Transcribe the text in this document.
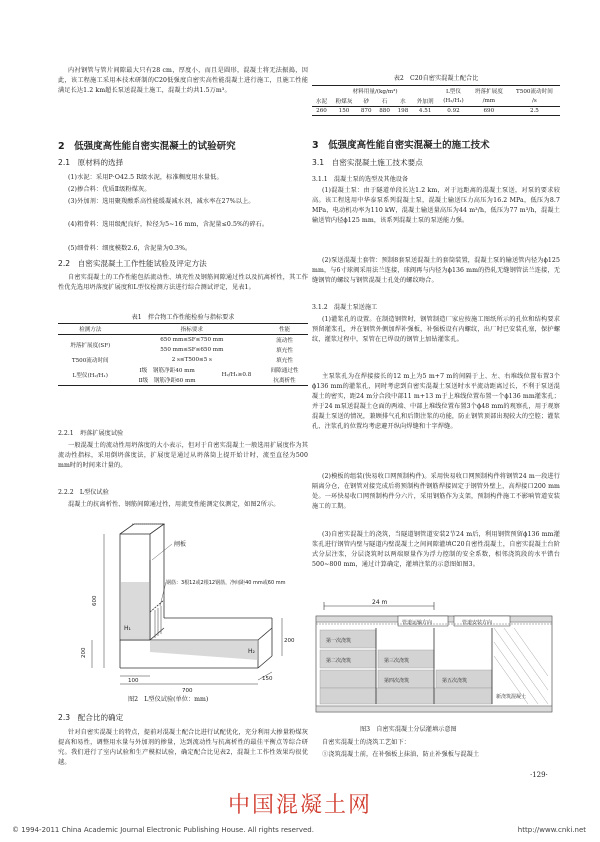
内衬钢管与管片间隙最大只有28 cm，厚度小，而且是圆形，混凝土将无法振捣，因此，该工程施工采用本技术研制的C20低强度自密实高性能混凝土进行施工，且施工性能满足长达1.2 km超长泵送混凝土施工，混凝土约共1.5万m³。
2　低强度高性能自密实混凝土的试验研究
2.1　原材料的选择
(1)水泥：采用P·O42.5 R级水泥，标准稠度用水量低。
(2)掺合料：优质Ⅱ级粉煤灰。
(3)外加剂：选用聚羧酸系高性能缓凝减水剂，减水率在27%以上。
(4)粗骨料：选用级配良好，粒径为5~16 mm，含泥量≤0.5%的碎石。
(5)细骨料：细度模数2.6，含泥量为0.3%。
2.2　自密实混凝土工作性能试验及评定方法
自密实混凝土的工作性能包括流动性、填充性及钢筋间隙通过性以及抗离析性，其工作性优先选用坍落度扩展度和L型仪检测方法进行综合测试评定，见表1。
表1　拌合物工作性能检验与指标要求
检测方法	指标要求		性能
坍落扩展度(SF)	650 mm≤SF≤750 mm		流动性
	550 mm≤SF≤650 mm		填充性
T500流动时间	2 s≤T500≤5 s		填充性
L型仪(H₂/H₁)	Ⅰ级　 钢筋净距40 mm	H₂/H₁≥0.8	间隙通过性
	Ⅱ级　 钢筋净距60 mm		抗离析性
2.2.1　坍落扩展度试验
一般混凝土的流动性用坍落度的大小表示，但对于自密实混凝土一般选用扩展度作为其流动性指标，采用倒坍落度法，扩展度是通过从坍落筒上提开始计时，流至直径为500 mm时的时间来计量的。
2.2.2　L型仪试验
混凝土的抗离析性、钢筋间隙通过性，用流变性能测定仪测定，如图2所示。
闸板
钢筋：3根12或2根12钢筋，净间距40 mm或60 mm
H₁
H₂
600
200
100
200
700
150
图2　L型仪试验(单位：mm)
2.3　配合比的确定
针对自密实混凝土的特点，提前对混凝土配合比进行试配优化，充分利用大掺量粉煤灰提高和易性，调整用水量与外加剂的掺量，达到流动性与抗离析性的最佳平衡点等综合研究。我们进行了室内试验和生产模拟试验，确定配合比见表2，混凝土工作性效果均很优越。
表2　C20自密实混凝土配合比
材料用量/(kg/m³)						L型仪	坍落扩展度	T500流动时间
水泥	粉煤灰	砂	石	水	外加剂	(H₂/H₁)	/mm	/s
260	150	870	880	198	4.51	0.92	690	2.5
3　低强度高性能自密实混凝土的施工技术
3.1　自密实混凝土施工技术要点
3.1.1　混凝土泵的选型及其他设备
(1)混凝土泵：由于隧道单段长达1.2 km，对于远距离的混凝土泵送，对泵的要求较高。该工程选用中华泰泵系列混凝土泵，混凝土输送压力高压为16.2 MPa，低压为8.7 MPa，电动机功率为110 kW，混凝土输送量高压为44 m³/h，低压为77 m³/h，混凝土输送管内径ϕ125 mm，该系列混凝土泵的泵送能力强。
(2)泵送混凝土套管：预制8套泵送混凝土的套筒装置，混凝土泵的输送管内径为ϕ125 mm，与6寸球阀采用法兰连接，球阀再与内径为ϕ136 mm的热轧无缝钢管法兰连接，无缝钢管的螺纹与钢管混凝土孔处的螺纹吻合。
3.1.2　混凝土泵送施工
(1)灌浆孔的设置。在制造钢管时，钢管制造厂家应按施工图纸所示的孔位和结构要求预留灌浆孔，并在钢管外侧加焊补强板，补强板设有内螺纹，出厂时已安装孔塞，保护螺纹，灌浆过程中，泵管在已焊设的钢管上加钻灌浆孔。
主泵浆孔为在焊接接长的12 m上为5 m+7 m的间隔于上、左、右堆线位置布置3个ϕ136 mm的灌浆孔，同时考虑到自密实混凝土泵送时水平流动距离过长，不利于泵送混凝土的密实，距24 m分合段中部11 m+13 m于上堆线位置布置一个ϕ136 mm灌浆孔；并于24 m泵送混凝土仓面的两端、中部上堆线位置布置3个ϕ48 mm的观察孔，用于观察混凝土泵送的情况，兼顾排气孔和后期注浆的功能，防止钢管顶部出现较大的空腔；灌浆孔、注浆孔的位置均考虑避开纵向焊缝和十字焊缝。
(2)模板的组装(快易收口网预制构件)。采用快易收口网预制构件将钢管24 m一段进行隔离分仓，在钢管对接完成后将预制构件钢筋焊接固定于钢管外壁上，高焊接口200 mm处。一环快易收口网预制构件分六片，采用钢筋作为支架，预制构件施工不影响管道安装施工的工期。
(3)自密实混凝土的浇筑，当隧道钢管道安装2节24 m后，利用钢管预留ϕ136 mm灌浆孔进行钢管内壁与隧道内壁混凝土之间间隙灌填C20自密性混凝土，自密实混凝土台阶式分层注浆，分层浇筑时以两端原量作为浮力控制的安全系数，相邻浇筑段的水平错台500~800 mm，通过计算确定，灌填注浆的示意图如图3。
24 m
管道运输方向	管道安装方向
第一次浇筑
第二次浇筑	第三次浇筑
第四次浇筑	第五次浇筑
新浇筑混凝土
图3　自密实混凝土分层灌填示意图
自密实混凝土的浇筑工艺如下：
①浇筑混凝土前，在补强板上抹油，防止补强板与混凝土
·129·
中国混凝土网
© 1994-2011 China Academic Journal Electronic Publishing House. All rights reserved.	http://www.cnki.net
